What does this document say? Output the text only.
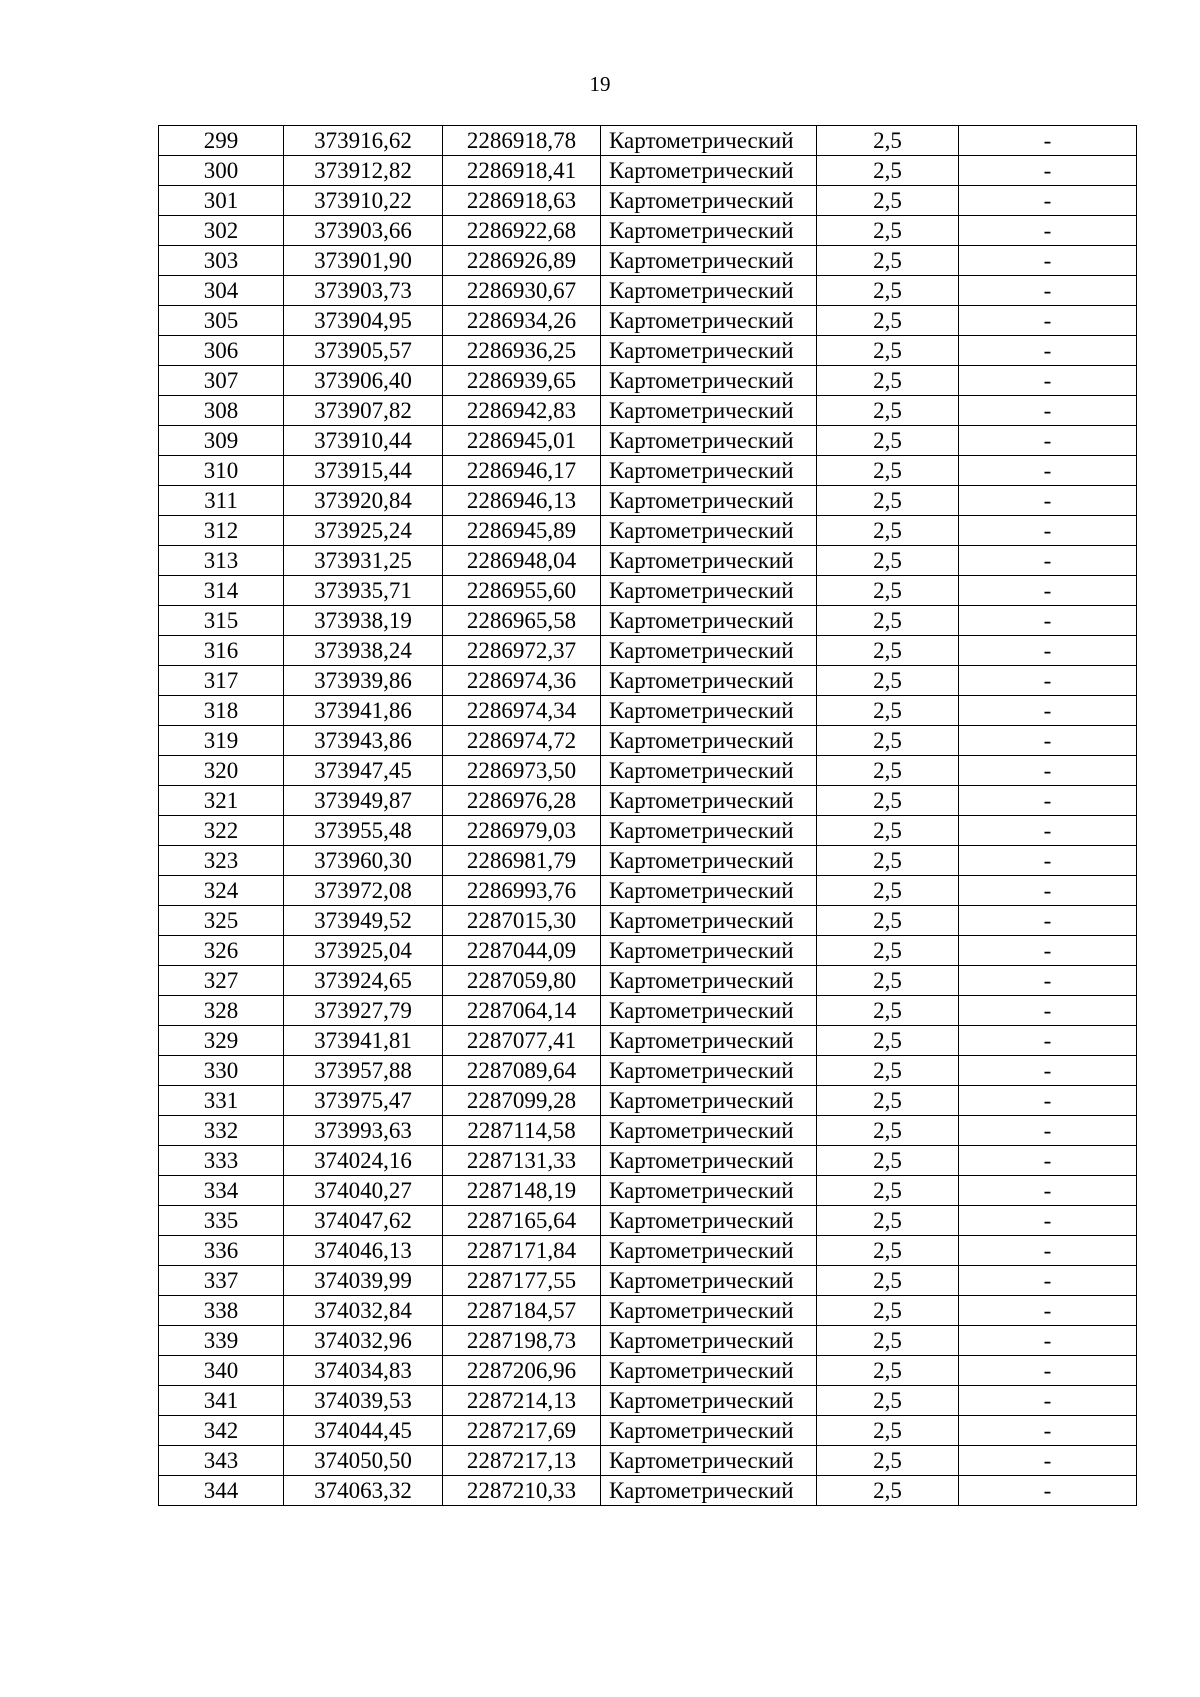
19
299	373916,62	2286918,78	Картометрический	2,5	-
300	373912,82	2286918,41	Картометрический	2,5	-
301	373910,22	2286918,63	Картометрический	2,5	-
302	373903,66	2286922,68	Картометрический	2,5	-
303	373901,90	2286926,89	Картометрический	2,5	-
304	373903,73	2286930,67	Картометрический	2,5	-
305	373904,95	2286934,26	Картометрический	2,5	-
306	373905,57	2286936,25	Картометрический	2,5	-
307	373906,40	2286939,65	Картометрический	2,5	-
308	373907,82	2286942,83	Картометрический	2,5	-
309	373910,44	2286945,01	Картометрический	2,5	-
310	373915,44	2286946,17	Картометрический	2,5	-
311	373920,84	2286946,13	Картометрический	2,5	-
312	373925,24	2286945,89	Картометрический	2,5	-
313	373931,25	2286948,04	Картометрический	2,5	-
314	373935,71	2286955,60	Картометрический	2,5	-
315	373938,19	2286965,58	Картометрический	2,5	-
316	373938,24	2286972,37	Картометрический	2,5	-
317	373939,86	2286974,36	Картометрический	2,5	-
318	373941,86	2286974,34	Картометрический	2,5	-
319	373943,86	2286974,72	Картометрический	2,5	-
320	373947,45	2286973,50	Картометрический	2,5	-
321	373949,87	2286976,28	Картометрический	2,5	-
322	373955,48	2286979,03	Картометрический	2,5	-
323	373960,30	2286981,79	Картометрический	2,5	-
324	373972,08	2286993,76	Картометрический	2,5	-
325	373949,52	2287015,30	Картометрический	2,5	-
326	373925,04	2287044,09	Картометрический	2,5	-
327	373924,65	2287059,80	Картометрический	2,5	-
328	373927,79	2287064,14	Картометрический	2,5	-
329	373941,81	2287077,41	Картометрический	2,5	-
330	373957,88	2287089,64	Картометрический	2,5	-
331	373975,47	2287099,28	Картометрический	2,5	-
332	373993,63	2287114,58	Картометрический	2,5	-
333	374024,16	2287131,33	Картометрический	2,5	-
334	374040,27	2287148,19	Картометрический	2,5	-
335	374047,62	2287165,64	Картометрический	2,5	-
336	374046,13	2287171,84	Картометрический	2,5	-
337	374039,99	2287177,55	Картометрический	2,5	-
338	374032,84	2287184,57	Картометрический	2,5	-
339	374032,96	2287198,73	Картометрический	2,5	-
340	374034,83	2287206,96	Картометрический	2,5	-
341	374039,53	2287214,13	Картометрический	2,5	-
342	374044,45	2287217,69	Картометрический	2,5	-
343	374050,50	2287217,13	Картометрический	2,5	-
344	374063,32	2287210,33	Картометрический	2,5	-
